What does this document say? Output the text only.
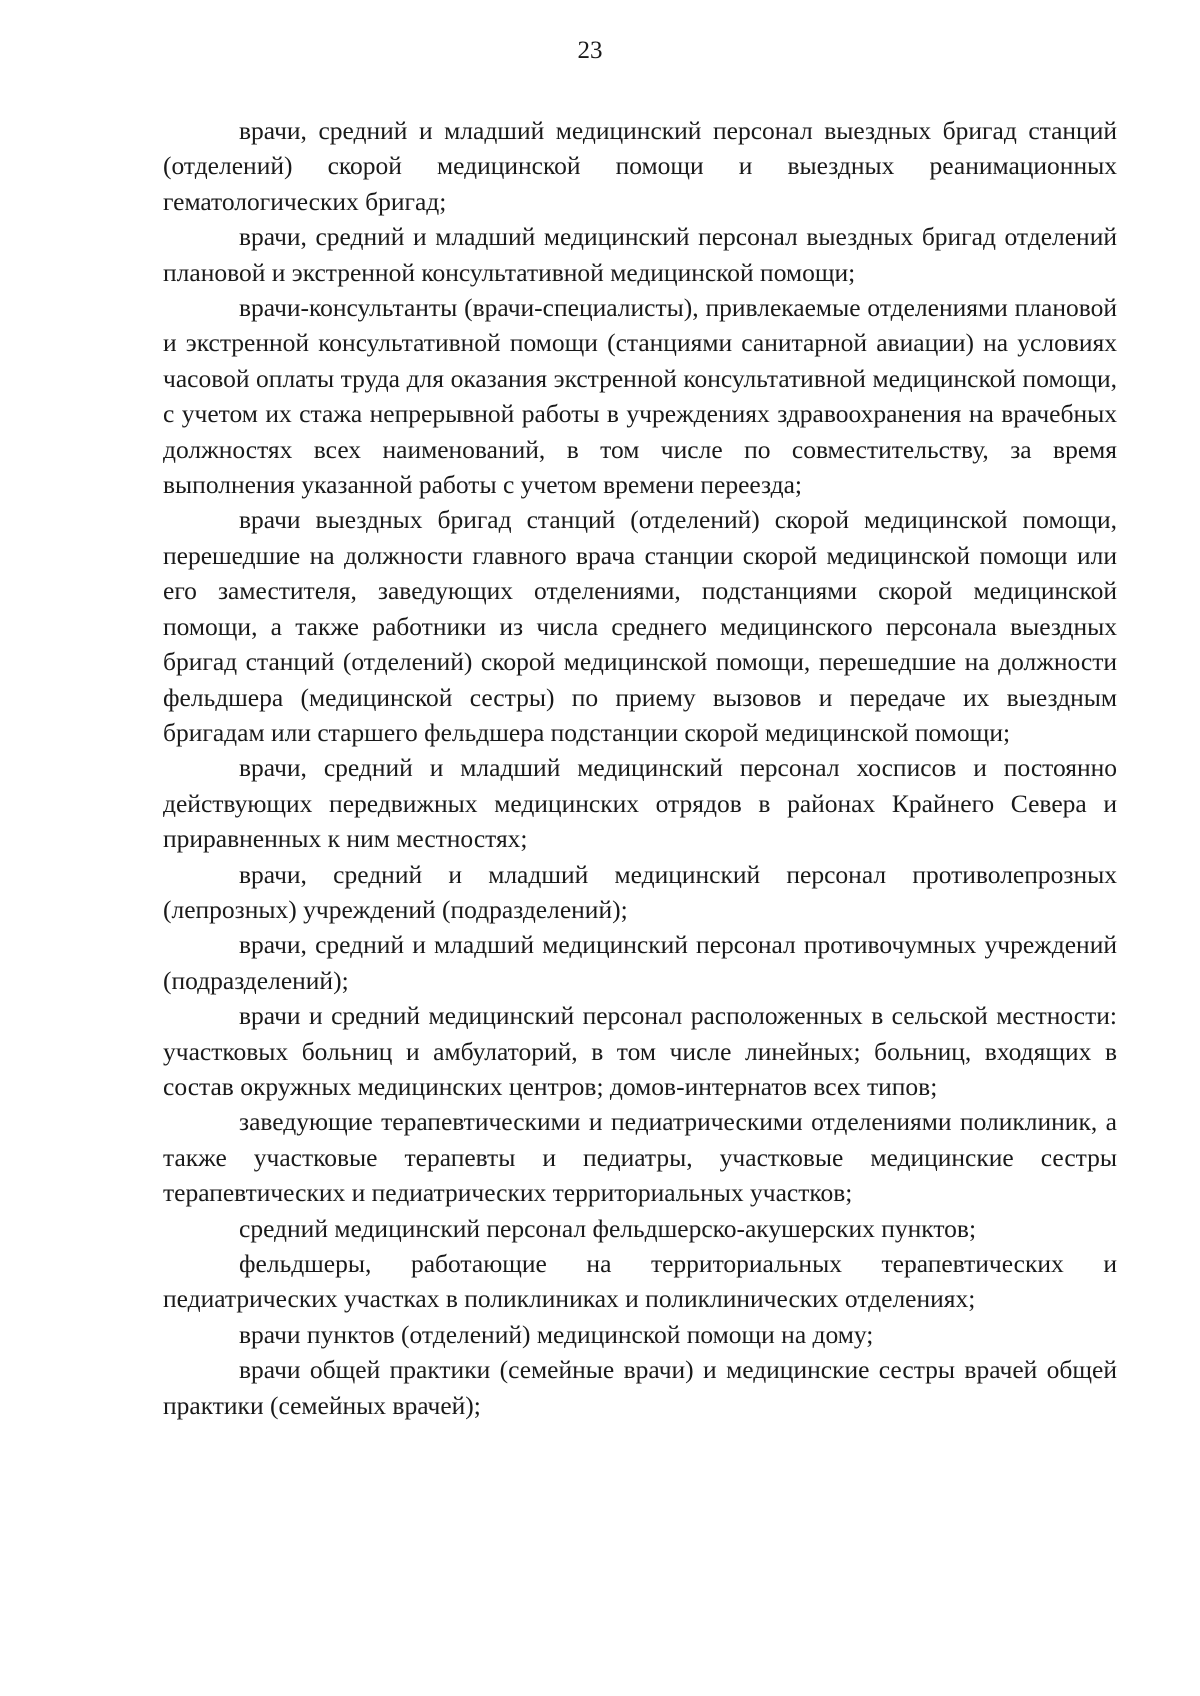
23

врачи, средний и младший медицинский персонал выездных бригад станций (отделений) скорой медицинской помощи и выездных реанимационных гематологических бригад;

врачи, средний и младший медицинский персонал выездных бригад отделений плановой и экстренной консультативной медицинской помощи;

врачи-консультанты (врачи-специалисты), привлекаемые отделениями плановой и экстренной консультативной помощи (станциями санитарной авиации) на условиях часовой оплаты труда для оказания экстренной консультативной медицинской помощи, с учетом их стажа непрерывной работы в учреждениях здравоохранения на врачебных должностях всех наименований, в том числе по совместительству, за время выполнения указанной работы с учетом времени переезда;

врачи выездных бригад станций (отделений) скорой медицинской помощи, перешедшие на должности главного врача станции скорой медицинской помощи или его заместителя, заведующих отделениями, подстанциями скорой медицинской помощи, а также работники из числа среднего медицинского персонала выездных бригад станций (отделений) скорой медицинской помощи, перешедшие на должности фельдшера (медицинской сестры) по приему вызовов и передаче их выездным бригадам или старшего фельдшера подстанции скорой медицинской помощи;

врачи, средний и младший медицинский персонал хосписов и постоянно действующих передвижных медицинских отрядов в районах Крайнего Севера и приравненных к ним местностях;

врачи, средний и младший медицинский персонал противолепрозных (лепрозных) учреждений (подразделений);

врачи, средний и младший медицинский персонал противочумных учреждений (подразделений);

врачи и средний медицинский персонал расположенных в сельской местности: участковых больниц и амбулаторий, в том числе линейных; больниц, входящих в состав окружных медицинских центров; домов-интернатов всех типов;

заведующие терапевтическими и педиатрическими отделениями поликлиник, а также участковые терапевты и педиатры, участковые медицинские сестры терапевтических и педиатрических территориальных участков;

средний медицинский персонал фельдшерско-акушерских пунктов;

фельдшеры, работающие на территориальных терапевтических и педиатрических участках в поликлиниках и поликлинических отделениях;

врачи пунктов (отделений) медицинской помощи на дому;

врачи общей практики (семейные врачи) и медицинские сестры врачей общей практики (семейных врачей);
